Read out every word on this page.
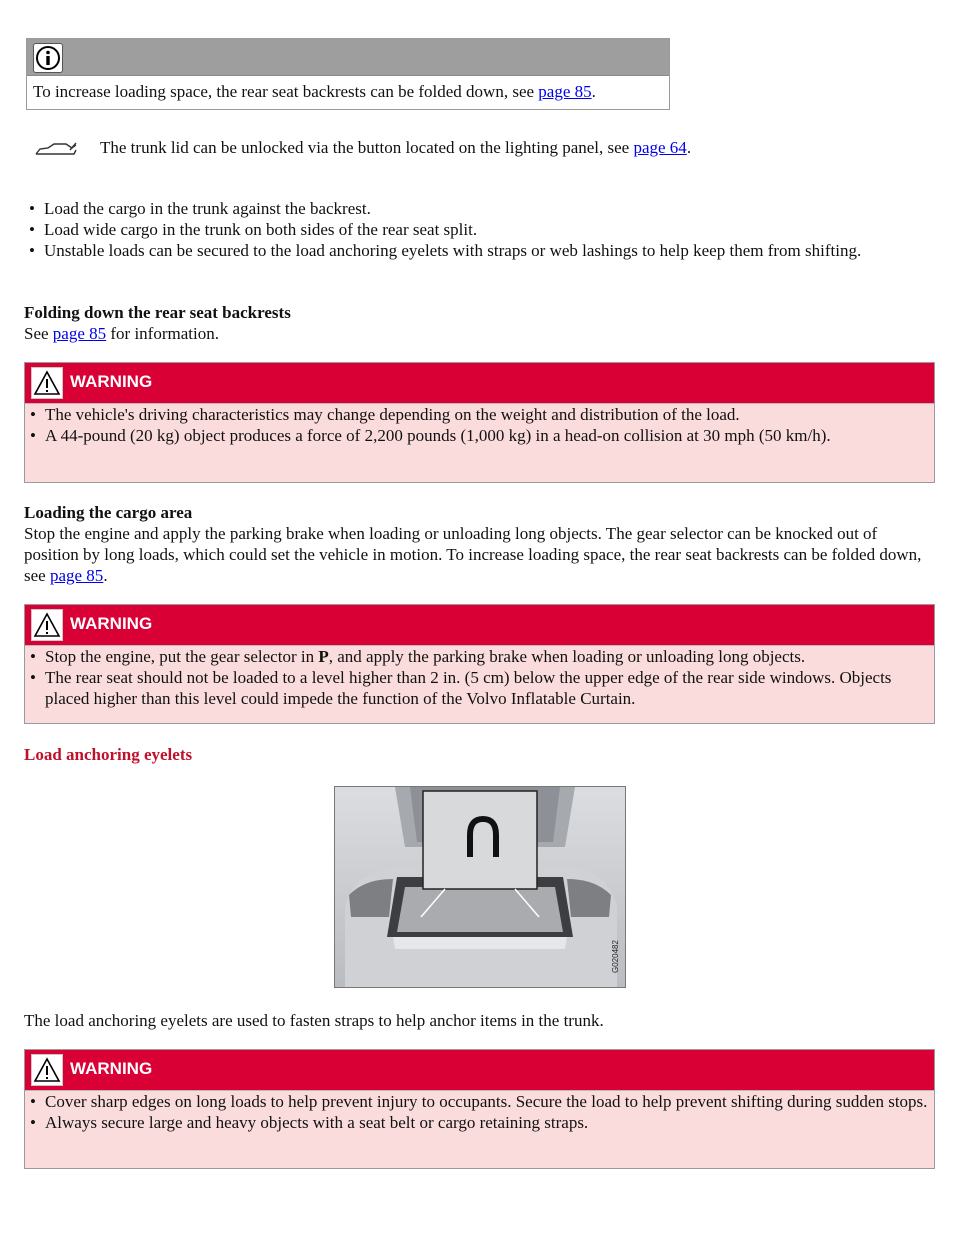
To increase loading space, the rear seat backrests can be folded down, see page 85.
The trunk lid can be unlocked via the button located on the lighting panel, see page 64.
• Load the cargo in the trunk against the backrest.
• Load wide cargo in the trunk on both sides of the rear seat split.
• Unstable loads can be secured to the load anchoring eyelets with straps or web lashings to help keep them from shifting.
Folding down the rear seat backrests
See page 85 for information.
WARNING
• The vehicle's driving characteristics may change depending on the weight and distribution of the load.
• A 44-pound (20 kg) object produces a force of 2,200 pounds (1,000 kg) in a head-on collision at 30 mph (50 km/h).
Loading the cargo area
Stop the engine and apply the parking brake when loading or unloading long objects. The gear selector can be knocked out of position by long loads, which could set the vehicle in motion. To increase loading space, the rear seat backrests can be folded down, see page 85.
WARNING
• Stop the engine, put the gear selector in P, and apply the parking brake when loading or unloading long objects.
• The rear seat should not be loaded to a level higher than 2 in. (5 cm) below the upper edge of the rear side windows. Objects placed higher than this level could impede the function of the Volvo Inflatable Curtain.
Load anchoring eyelets
G020482
The load anchoring eyelets are used to fasten straps to help anchor items in the trunk.
WARNING
• Cover sharp edges on long loads to help prevent injury to occupants. Secure the load to help prevent shifting during sudden stops.
• Always secure large and heavy objects with a seat belt or cargo retaining straps.
